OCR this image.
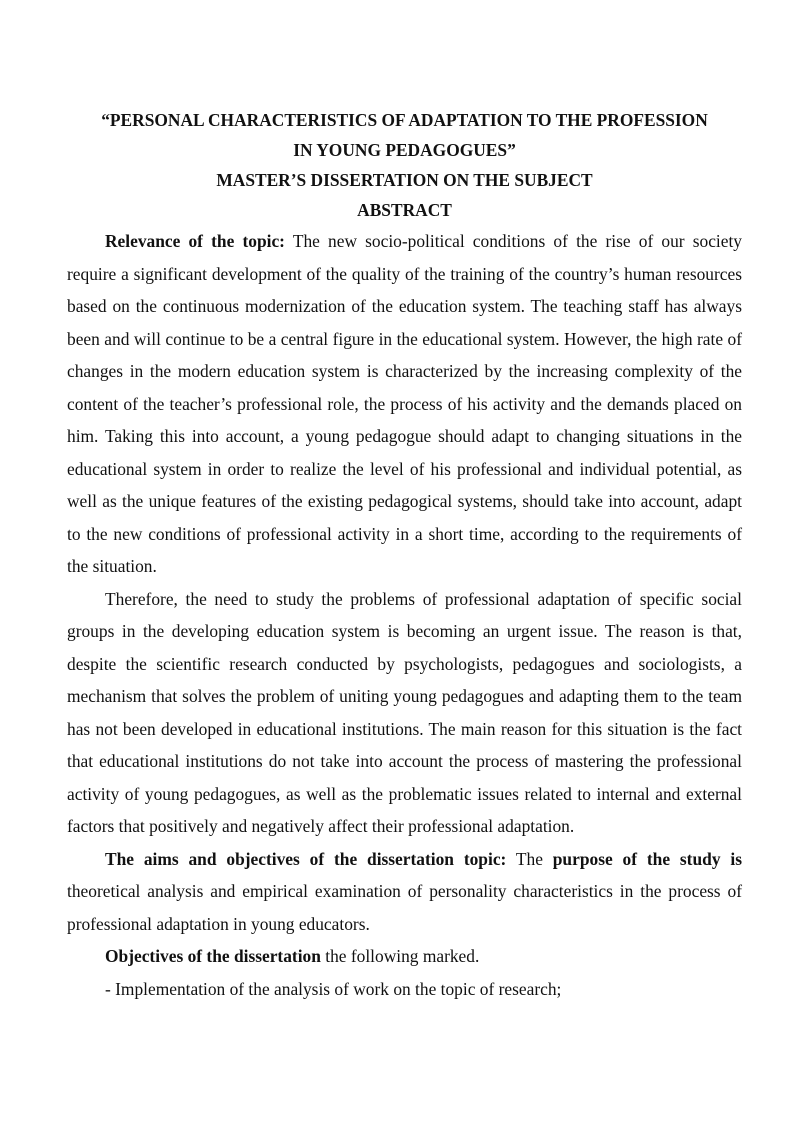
“PERSONAL CHARACTERISTICS OF ADAPTATION TO THE PROFESSION
IN YOUNG PEDAGOGUES”
MASTER’S DISSERTATION ON THE SUBJECT
ABSTRACT

Relevance of the topic: The new socio-political conditions of the rise of our society require a significant development of the quality of the training of the country’s human resources based on the continuous modernization of the education system. The teaching staff has always been and will continue to be a central figure in the educational system. However, the high rate of changes in the modern education system is characterized by the increasing complexity of the content of the teacher’s professional role, the process of his activity and the demands placed on him. Taking this into account, a young pedagogue should adapt to changing situations in the educational system in order to realize the level of his professional and individual potential, as well as the unique features of the existing pedagogical systems, should take into account, adapt to the new conditions of professional activity in a short time, according to the requirements of the situation.

Therefore, the need to study the problems of professional adaptation of specific social groups in the developing education system is becoming an urgent issue. The reason is that, despite the scientific research conducted by psychologists, pedagogues and sociologists, a mechanism that solves the problem of uniting young pedagogues and adapting them to the team has not been developed in educational institutions. The main reason for this situation is the fact that educational institutions do not take into account the process of mastering the professional activity of young pedagogues, as well as the problematic issues related to internal and external factors that positively and negatively affect their professional adaptation.

The aims and objectives of the dissertation topic: The purpose of the study is theoretical analysis and empirical examination of personality characteristics in the process of professional adaptation in young educators.

Objectives of the dissertation the following marked.

- Implementation of the analysis of work on the topic of research;
